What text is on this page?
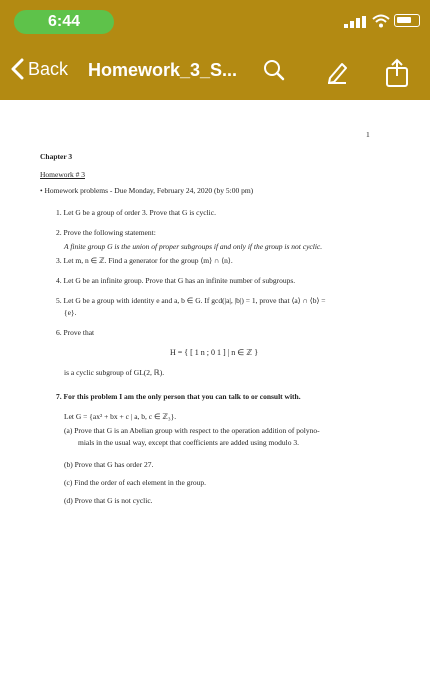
6:44
Back Homework_3_S...
1
Chapter 3
Homework # 3
• Homework problems - Due Monday, February 24, 2020 (by 5:00 pm)
1. Let G be a group of order 3. Prove that G is cyclic.
2. Prove the following statement:
A finite group G is the union of proper subgroups if and only if the group is not cyclic.
3. Let m, n ∈ ℤ. Find a generator for the group ⟨m⟩ ∩ ⟨n⟩.
4. Let G be an infinite group. Prove that G has an infinite number of subgroups.
5. Let G be a group with identity e and a, b ∈ G. If gcd(|a|, |b|) = 1, prove that ⟨a⟩ ∩ ⟨b⟩ =
{e}.
6. Prove that
H = { [ 1 n ; 0 1 ] | n ∈ ℤ }
is a cyclic subgroup of GL(2, ℝ).
7. For this problem I am the only person that you can talk to or consult with.
Let G = {ax² + bx + c | a, b, c ∈ ℤ₃}.
(a) Prove that G is an Abelian group with respect to the operation addition of polyno-
mials in the usual way, except that coefficients are added using modulo 3.
(b) Prove that G has order 27.
(c) Find the order of each element in the group.
(d) Prove that G is not cyclic.
